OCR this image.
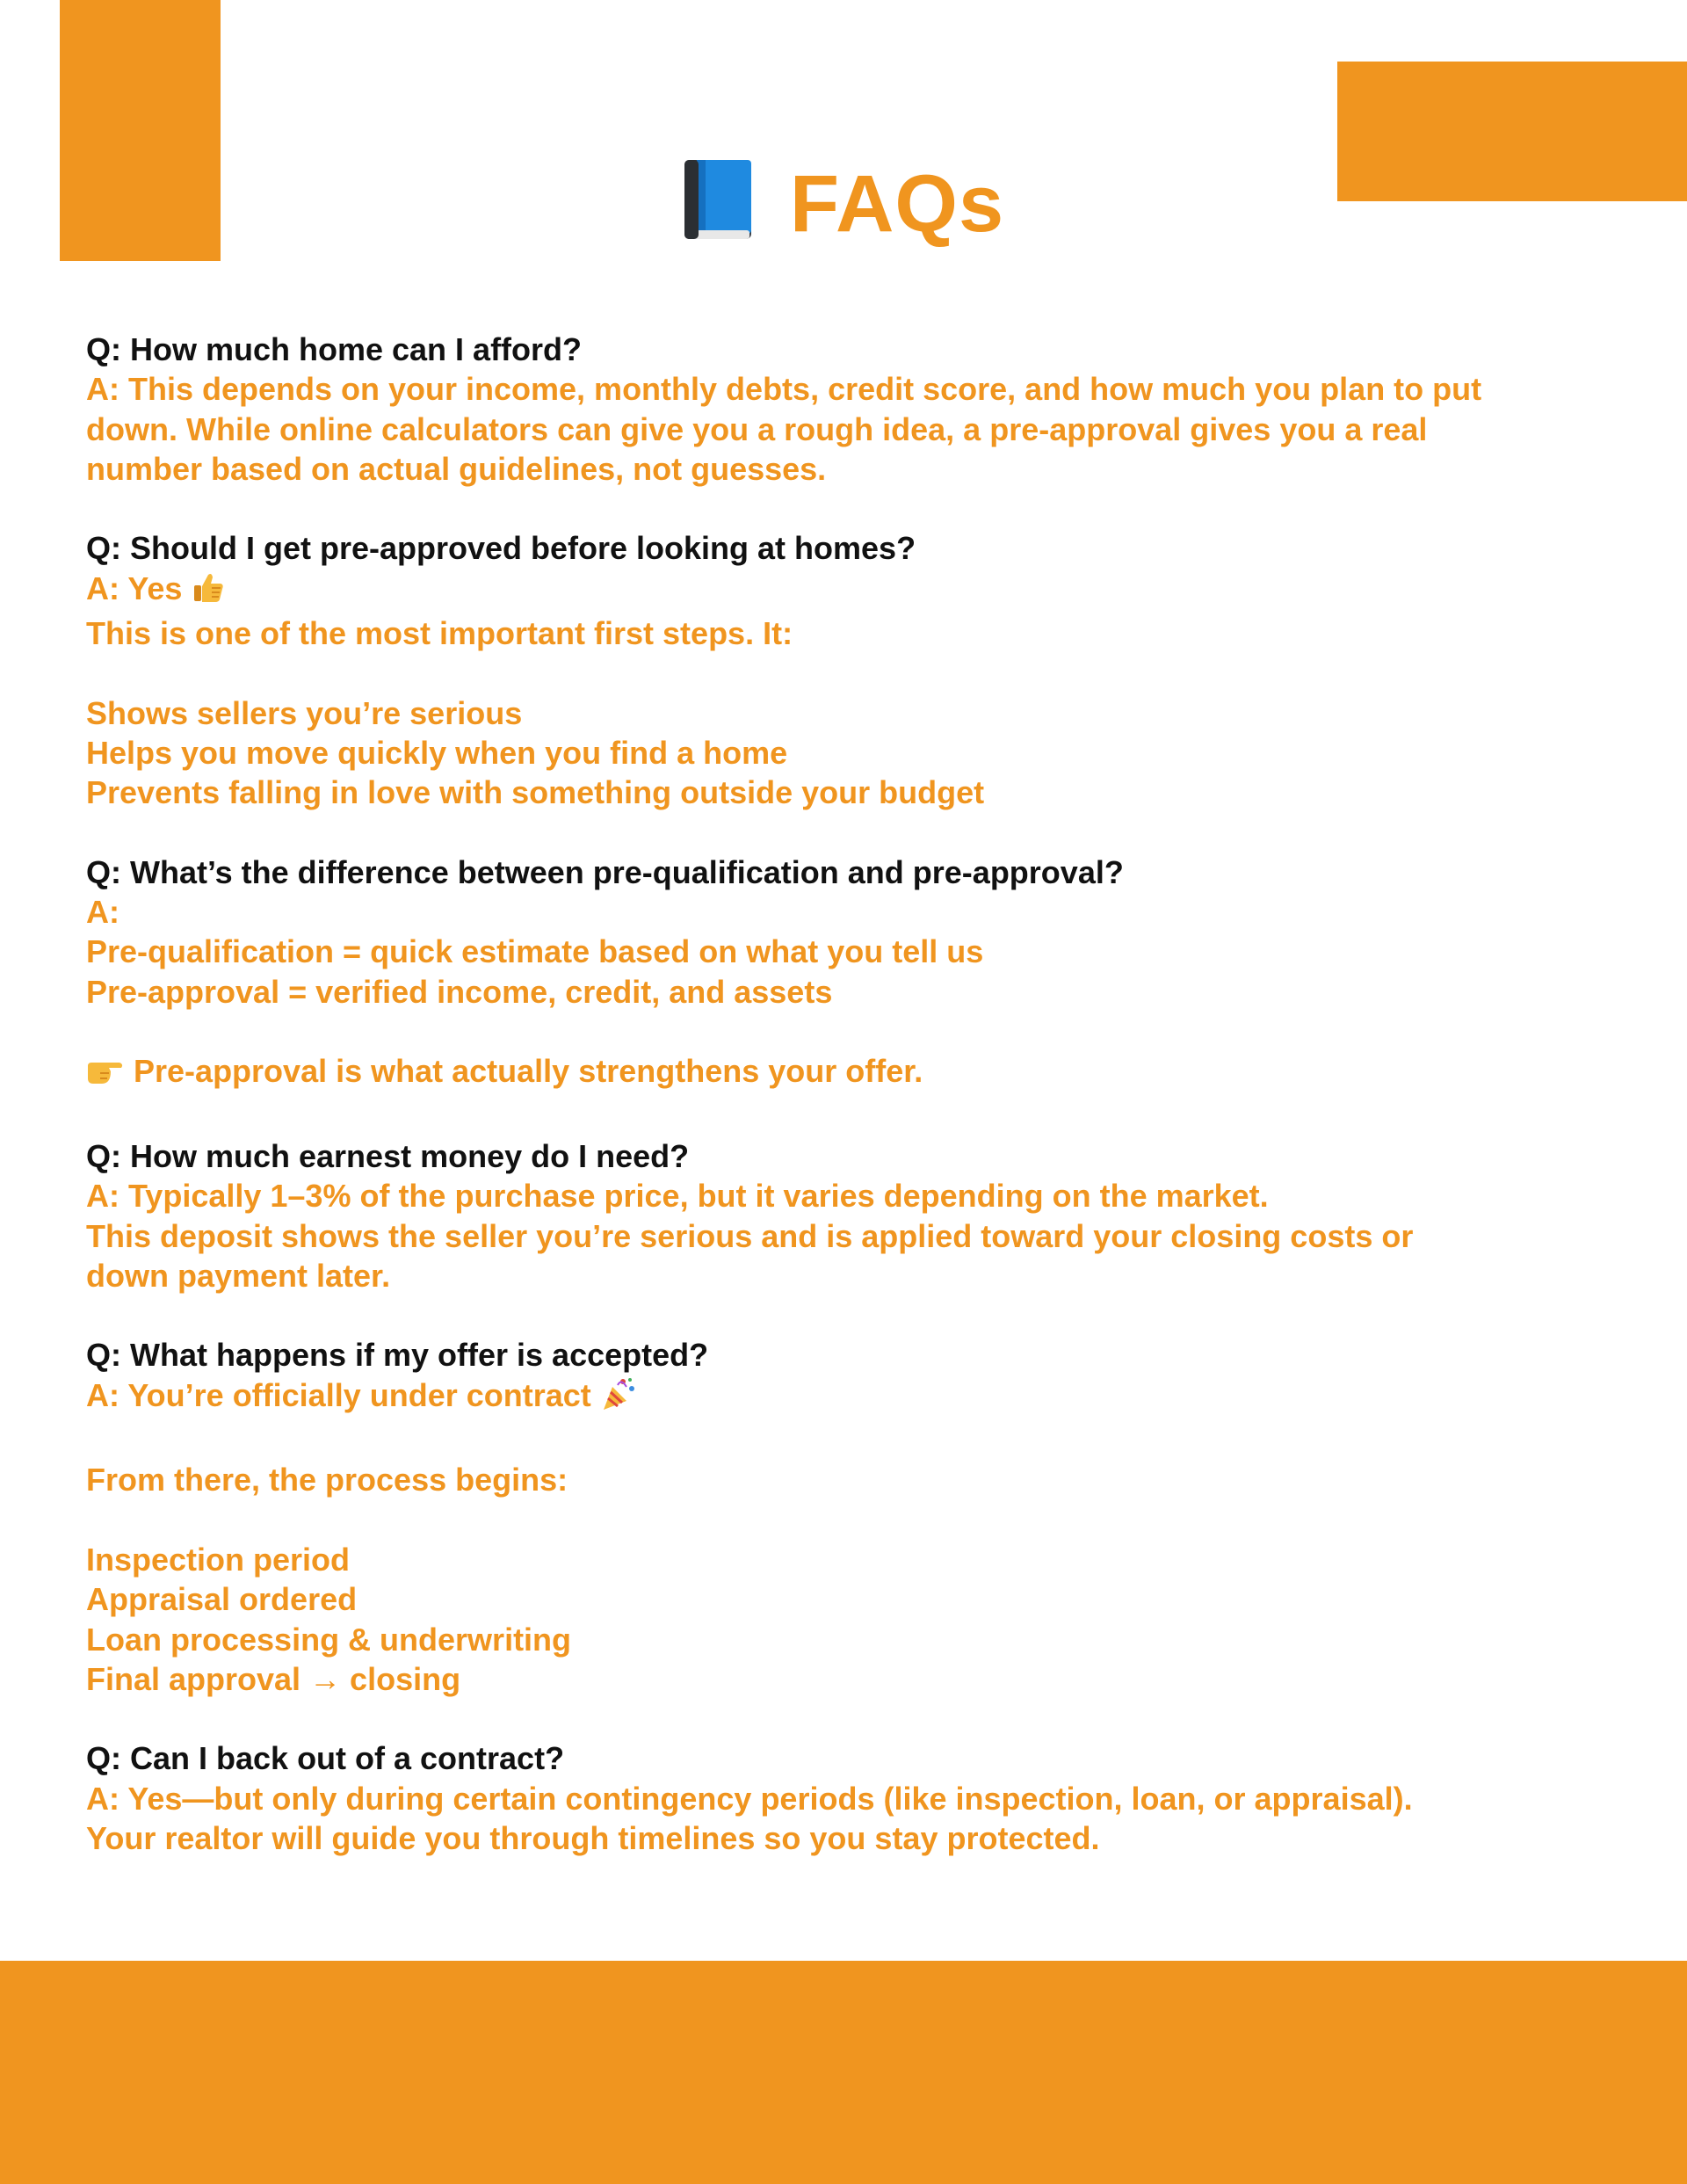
FAQs
Q: How much home can I afford?
A: This depends on your income, monthly debts, credit score, and how much you plan to put
down. While online calculators can give you a rough idea, a pre-approval gives you a real
number based on actual guidelines, not guesses.
Q: Should I get pre-approved before looking at homes?
A: Yes
This is one of the most important first steps. It:
Shows sellers you’re serious
Helps you move quickly when you find a home
Prevents falling in love with something outside your budget
Q: What’s the difference between pre-qualification and pre-approval?
A:
Pre-qualification = quick estimate based on what you tell us
Pre-approval = verified income, credit, and assets
Pre-approval is what actually strengthens your offer.
Q: How much earnest money do I need?
A: Typically 1–3% of the purchase price, but it varies depending on the market.
This deposit shows the seller you’re serious and is applied toward your closing costs or
down payment later.
Q: What happens if my offer is accepted?
A: You’re officially under contract
From there, the process begins:
Inspection period
Appraisal ordered
Loan processing & underwriting
Final approval → closing
Q: Can I back out of a contract?
A: Yes—but only during certain contingency periods (like inspection, loan, or appraisal).
Your realtor will guide you through timelines so you stay protected.
